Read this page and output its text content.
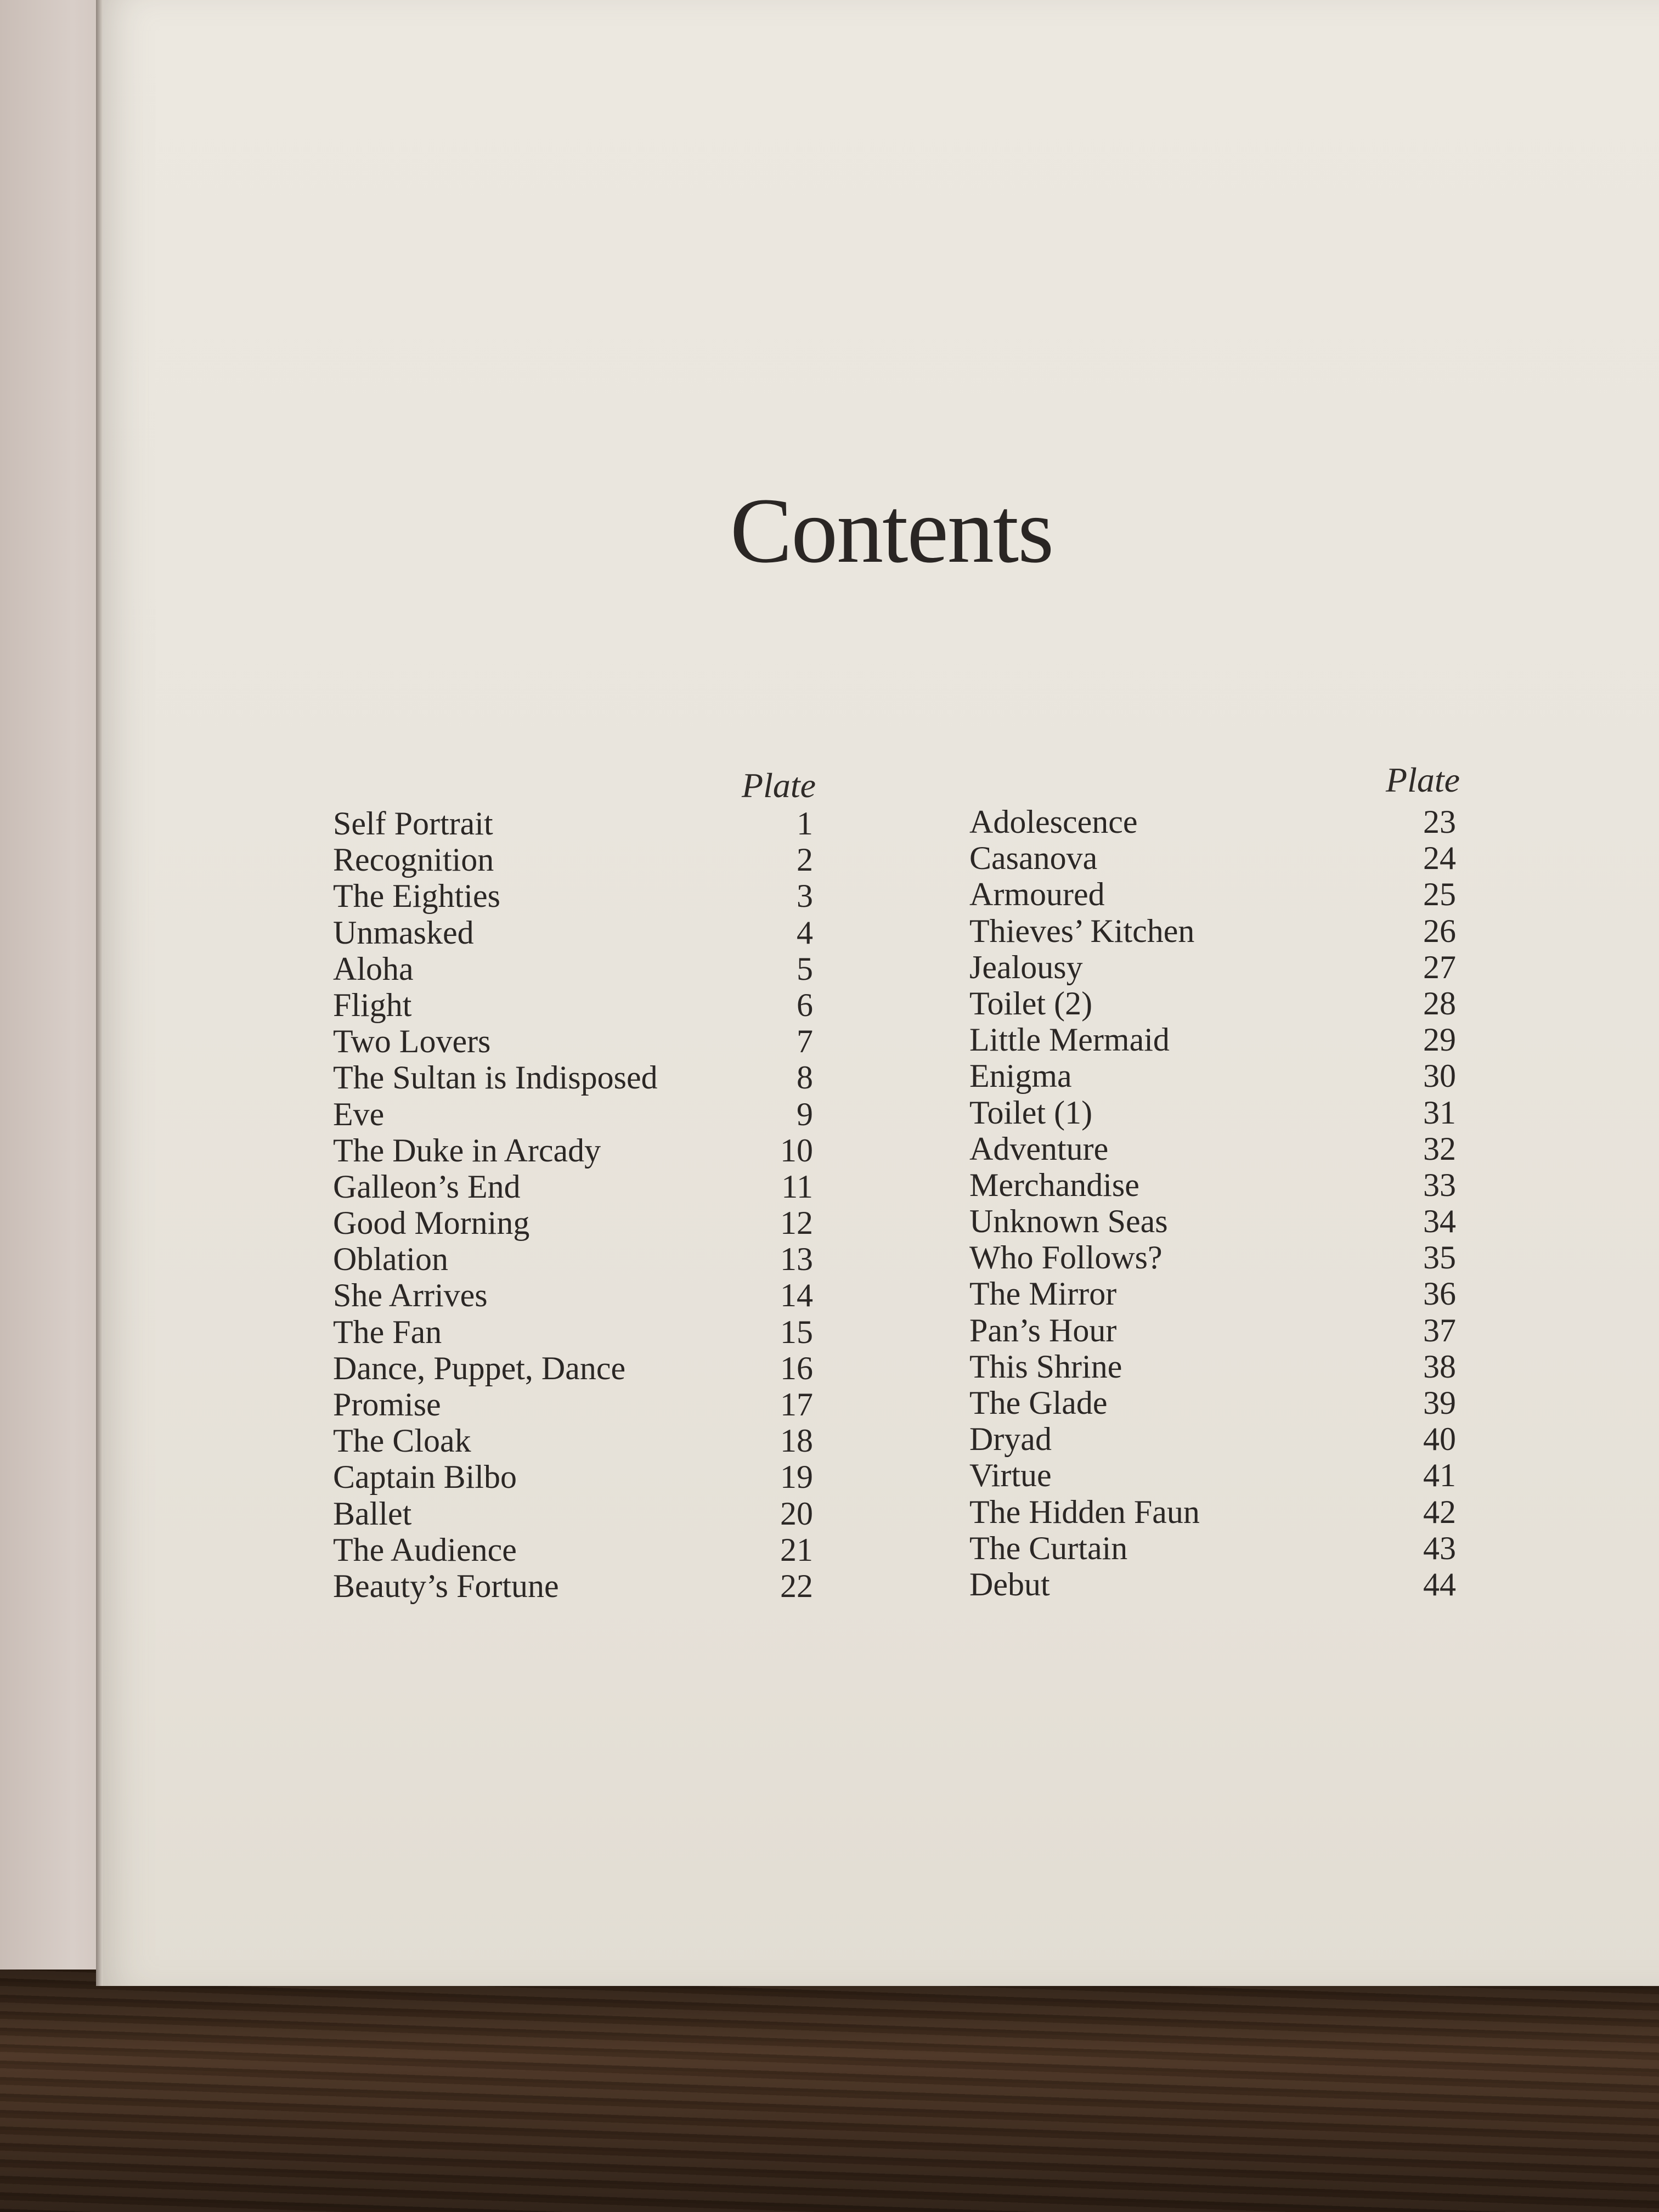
Contents
Plate	Plate
Self Portrait	1
Recognition	2
The Eighties	3
Unmasked	4
Aloha	5
Flight	6
Two Lovers	7
The Sultan is Indisposed	8
Eve	9
The Duke in Arcady	10
Galleon’s End	11
Good Morning	12
Oblation	13
She Arrives	14
The Fan	15
Dance, Puppet, Dance	16
Promise	17
The Cloak	18
Captain Bilbo	19
Ballet	20
The Audience	21
Beauty’s Fortune	22
Adolescence	23
Casanova	24
Armoured	25
Thieves’ Kitchen	26
Jealousy	27
Toilet (2)	28
Little Mermaid	29
Enigma	30
Toilet (1)	31
Adventure	32
Merchandise	33
Unknown Seas	34
Who Follows?	35
The Mirror	36
Pan’s Hour	37
This Shrine	38
The Glade	39
Dryad	40
Virtue	41
The Hidden Faun	42
The Curtain	43
Debut	44
